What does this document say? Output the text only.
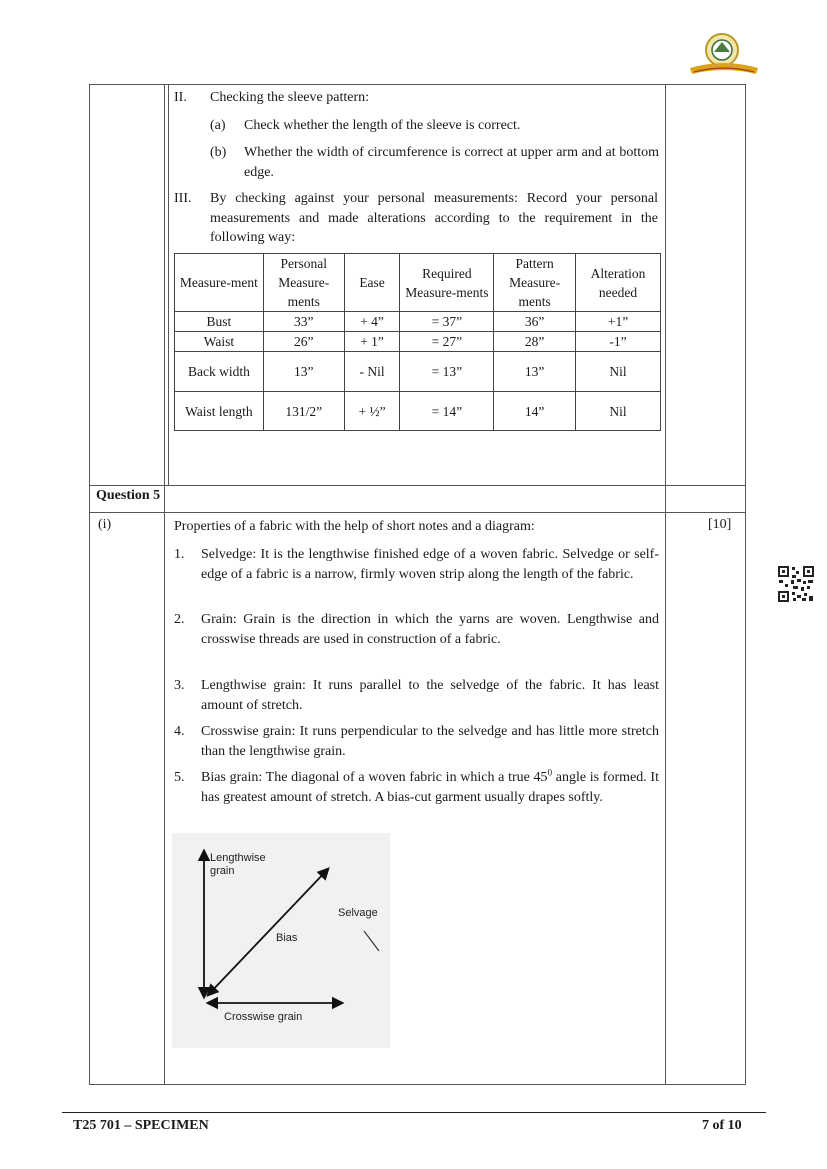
II. Checking the sleeve pattern:
(a) Check whether the length of the sleeve is correct.
(b) Whether the width of circumference is correct at upper arm and at bottom edge.
III. By checking against your personal measurements: Record your personal measurements and made alterations according to the requirement in the following way:
Measure-ment	Personal Measure-ments	Ease	Required Measure-ments	Pattern Measure-ments	Alteration needed
Bust	33”	+ 4”	= 37”	36”	+1”
Waist	26”	+ 1”	= 27”	28”	-1”
Back width	13”	- Nil	= 13”	13”	Nil
Waist length	131/2”	+ ½”	= 14”	14”	Nil
Question 5
(i)	[10]
Properties of a fabric with the help of short notes and a diagram:
1. Selvedge: It is the lengthwise finished edge of a woven fabric. Selvedge or self-edge of a fabric is a narrow, firmly woven strip along the length of the fabric.
2. Grain: Grain is the direction in which the yarns are woven. Lengthwise and crosswise threads are used in construction of a fabric.
3. Lengthwise grain: It runs parallel to the selvedge of the fabric. It has least amount of stretch.
4. Crosswise grain: It runs perpendicular to the selvedge and has little more stretch than the lengthwise grain.
5. Bias grain: The diagonal of a woven fabric in which a true $45^0$ angle is formed. It has greatest amount of stretch. A bias-cut garment usually drapes softly.
Lengthwise grain
Selvage
Bias
Crosswise grain
T25 701 – SPECIMEN	7 of 10
